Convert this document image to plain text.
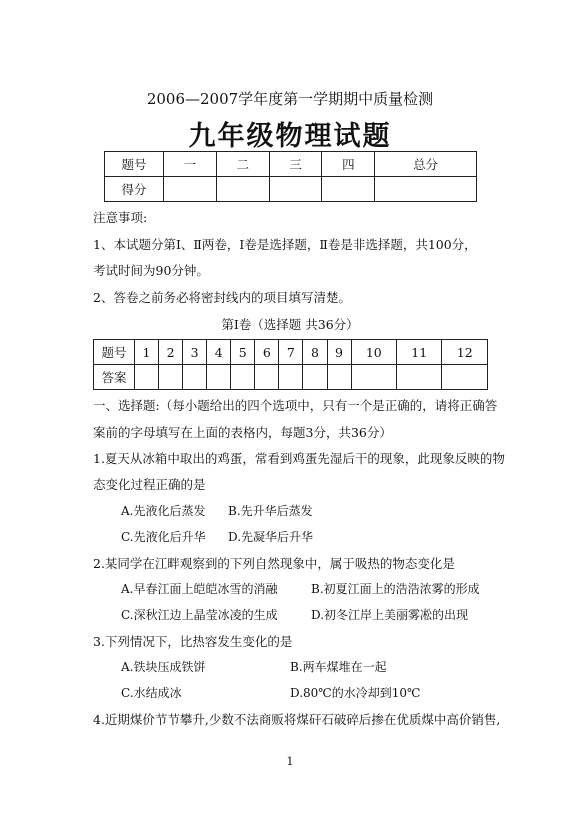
2006—2007学年度第一学期期中质量检测
九年级物理试题
题号	一	二	三	四	总分
得分					
注意事项:
1、本试题分第Ⅰ、Ⅱ两卷，Ⅰ卷是选择题，Ⅱ卷是非选择题，共100分，
考试时间为90分钟。
2、答卷之前务必将密封线内的项目填写清楚。
第Ⅰ卷（选择题 共36分）
题号	1	2	3	4	5	6	7	8	9	10	11	12
答案												
一、选择题:（每小题给出的四个选项中，只有一个是正确的，请将正确答
案前的字母填写在上面的表格内，每题3分，共36分）
1.夏天从冰箱中取出的鸡蛋，常看到鸡蛋先湿后干的现象，此现象反映的物
态变化过程正确的是
A.先液化后蒸发 B.先升华后蒸发
C.先液化后升华 D.先凝华后升华
2.某同学在江畔观察到的下列自然现象中，属于吸热的物态变化是
A.早春江面上皑皑冰雪的消融	B.初夏江面上的浩浩浓雾的形成
C.深秋江边上晶莹冰凌的生成	D.初冬江岸上美丽雾凇的出现
3.下列情况下，比热容发生变化的是
A.铁块压成铁饼	B.两车煤堆在一起
C.水结成冰	D.80℃的水冷却到10℃
4.近期煤价节节攀升,少数不法商贩将煤矸石破碎后掺在优质煤中高价销售,
1
